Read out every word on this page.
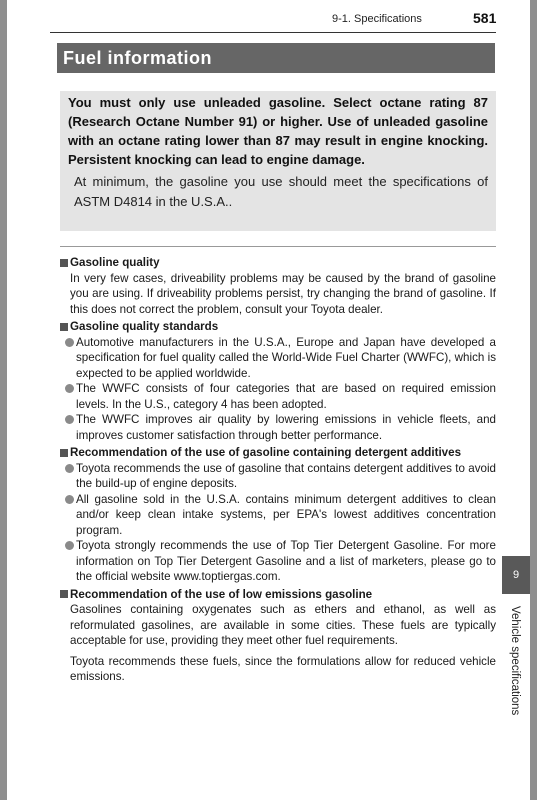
9-1. Specifications	581
Fuel information
You must only use unleaded gasoline. Select octane rating 87 (Research Octane Number 91) or higher. Use of unleaded gasoline with an octane rating lower than 87 may result in engine knocking. Persistent knocking can lead to engine damage.
At minimum, the gasoline you use should meet the specifications of ASTM D4814 in the U.S.A..
Gasoline quality
In very few cases, driveability problems may be caused by the brand of gasoline you are using. If driveability problems persist, try changing the brand of gasoline. If this does not correct the problem, consult your Toyota dealer.
Gasoline quality standards
Automotive manufacturers in the U.S.A., Europe and Japan have developed a specification for fuel quality called the World-Wide Fuel Charter (WWFC), which is expected to be applied worldwide.
The WWFC consists of four categories that are based on required emission levels. In the U.S., category 4 has been adopted.
The WWFC improves air quality by lowering emissions in vehicle fleets, and improves customer satisfaction through better performance.
Recommendation of the use of gasoline containing detergent additives
Toyota recommends the use of gasoline that contains detergent additives to avoid the build-up of engine deposits.
All gasoline sold in the U.S.A. contains minimum detergent additives to clean and/or keep clean intake systems, per EPA's lowest additives concentration program.
Toyota strongly recommends the use of Top Tier Detergent Gasoline. For more information on Top Tier Detergent Gasoline and a list of marketers, please go to the official website www.toptiergas.com.
Recommendation of the use of low emissions gasoline
Gasolines containing oxygenates such as ethers and ethanol, as well as reformulated gasolines, are available in some cities. These fuels are typically acceptable for use, providing they meet other fuel requirements.
Toyota recommends these fuels, since the formulations allow for reduced vehicle emissions.
9
Vehicle specifications
